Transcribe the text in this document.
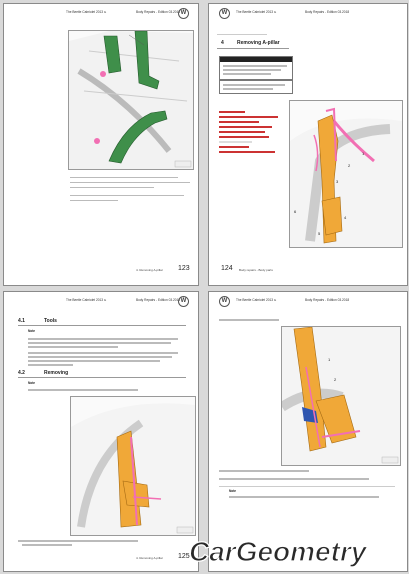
The Beetle Cabriolet 2013 ➤	Body Repairs - Edition 03.2018 W
4. Removing A-pillar 123
W	The Beetle Cabriolet 2013 ➤	Body Repairs - Edition 03.2018
4	Removing A-pillar
1
2
3
4
5
6
124 Body repairs - Body parts
The Beetle Cabriolet 2013 ➤	Body Repairs - Edition 03.2018 W
4.1	Tools
Note
4.2	Removing
Note
4. Removing A-pillar 125
W	The Beetle Cabriolet 2013 ➤	Body Repairs - Edition 03.2018
1
2
Note
CarGeometry
